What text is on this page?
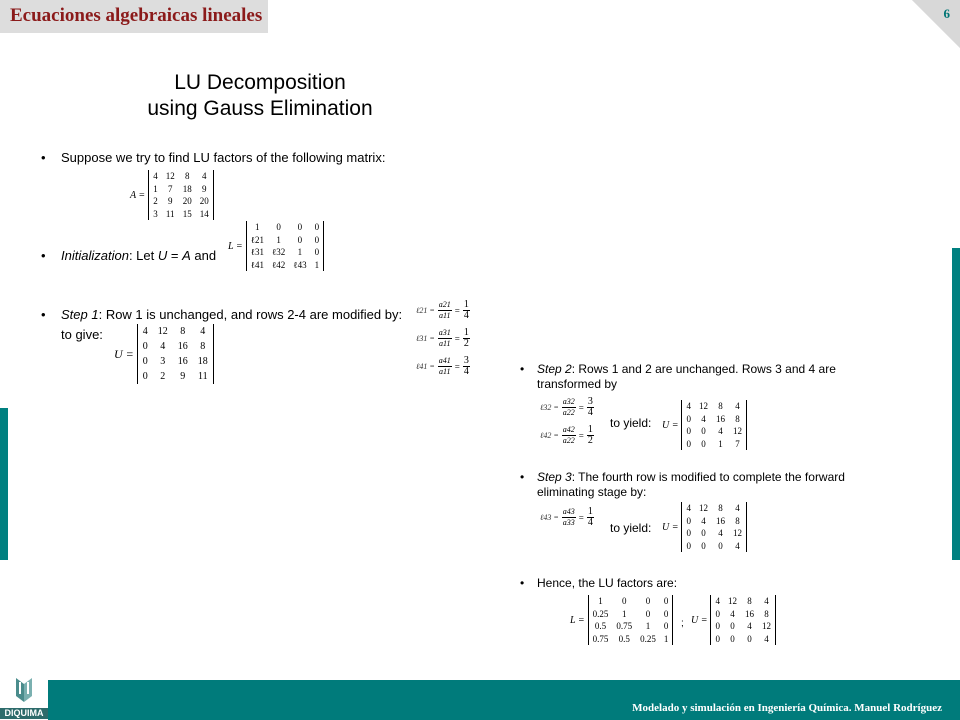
Ecuaciones algebraicas lineales	6
LU Decomposition
using Gauss Elimination
• Suppose we try to find LU factors of the following matrix:
A =
4	12	8	4
1	7	18	9
2	9	20	20
3	11	15	14
• Initialization: Let U = A and
L =
1	0	0	0
ℓ21	1	0	0
ℓ31	ℓ32	1	0
ℓ41	ℓ42	ℓ43	1
• Step 1: Row 1 is unchanged, and rows 2-4 are modified by:
to give:
U =
4	12	8	4
0	4	16	8
0	3	16	18
0	2	9	11
ℓ21 = $\frac{a21}{a11} = \frac{1}{4}$
ℓ31 = $\frac{a31}{a11} = \frac{1}{2}$
ℓ41 = $\frac{a41}{a11} = \frac{3}{4}$	• Step 2: Rows 1 and 2 are unchanged. Rows 3 and 4 are
transformed by
ℓ32 = $\frac{a32}{a22} = \frac{3}{4}$
ℓ42 = $\frac{a42}{a22} = \frac{1}{2}$
to yield: U =
4	12	8	4
0	4	16	8
0	0	4	12
0	0	1	7
• Step 3: The fourth row is modified to complete the forward
eliminating stage by:
ℓ43 = $\frac{a43}{a33} = \frac{1}{4}$ to yield: U =
4	12	8	4
0	4	16	8
0	0	4	12
0	0	0	4
• Hence, the LU factors are:
L =
1	0	0	0
0.25	1	0	0
0.5	0.75	1	0
0.75	0.5	0.25	1
; U =
4	12	8	4
0	4	16	8
0	0	4	12
0	0	0	4
Modelado y simulación en Ingeniería Química. Manuel Rodríguez
DIQUIMA
